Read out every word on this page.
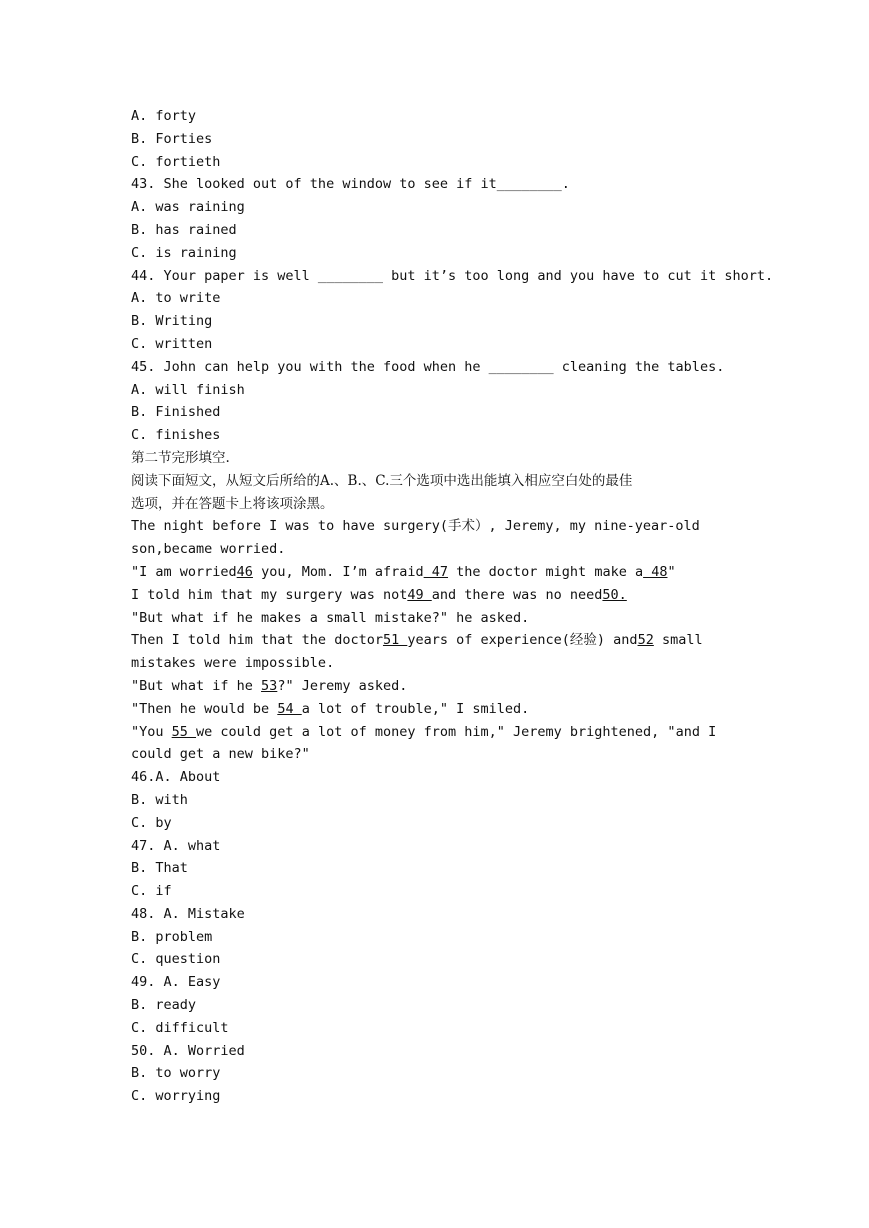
A. forty
B. Forties
C. fortieth
43. She looked out of the window to see if it________.
A. was raining
B. has rained
C. is raining
44. Your paper is well ________ but it’s too long and you have to cut it short.
A. to write
B. Writing
C. written
45. John can help you with the food when he ________ cleaning the tables.
A. will finish
B. Finished
C. finishes
第二节完形填空.
阅读下面短文，从短文后所给的A.、B.、C.三个选项中选出能填入相应空白处的最佳
选项，并在答题卡上将该项涂黑。
The night before I was to have surgery(手术）, Jeremy, my nine-year-old son,became worried.
"I am worried46 you, Mom. I’m afraid 47 the doctor might make a 48"
I told him that my surgery was not49 and there was no need50.
"But what if he makes a small mistake?" he asked.
Then I told him that the doctor51 years of experience(经验) and52 small mistakes were impossible.
"But what if he 53?" Jeremy asked.
"Then he would be 54 a lot of trouble," I smiled.
"You 55 we could get a lot of money from him," Jeremy brightened, "and I could get a new bike?"
46.A. About
B. with
C. by
47. A. what
B. That
C. if
48. A. Mistake
B. problem
C. question
49. A. Easy
B. ready
C. difficult
50. A. Worried
B. to worry
C. worrying
